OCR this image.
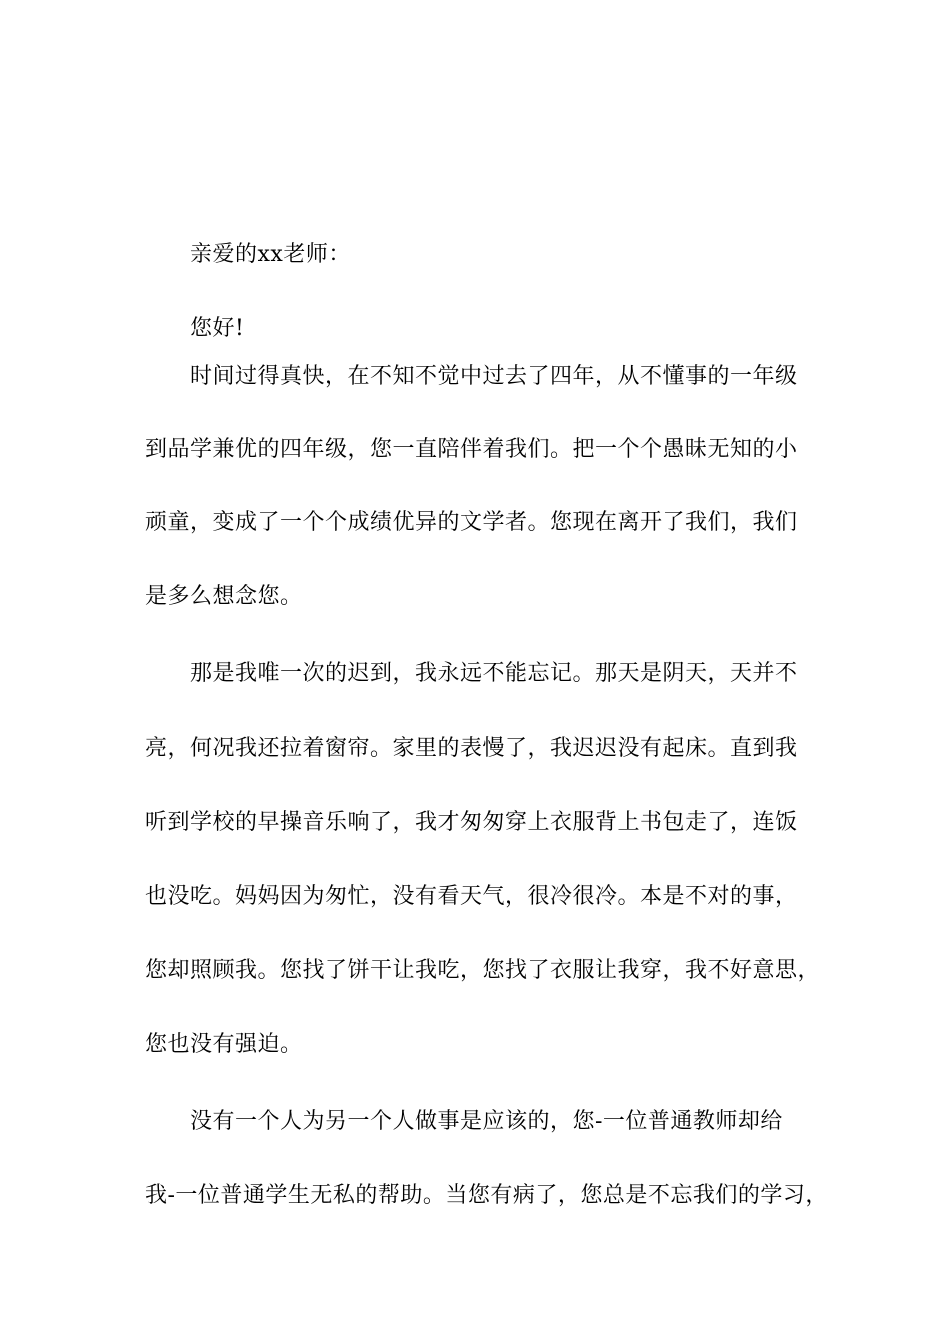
亲爱的xx老师：
您好!
时间过得真快，在不知不觉中过去了四年，从不懂事的一年级
到品学兼优的四年级，您一直陪伴着我们。把一个个愚昧无知的小
顽童，变成了一个个成绩优异的文学者。您现在离开了我们，我们
是多么想念您。
那是我唯一次的迟到，我永远不能忘记。那天是阴天，天并不
亮，何况我还拉着窗帘。家里的表慢了，我迟迟没有起床。直到我
听到学校的早操音乐响了，我才匆匆穿上衣服背上书包走了，连饭
也没吃。妈妈因为匆忙，没有看天气，很冷很冷。本是不对的事，
您却照顾我。您找了饼干让我吃，您找了衣服让我穿，我不好意思，
您也没有强迫。
没有一个人为另一个人做事是应该的，您-一位普通教师却给
我-一位普通学生无私的帮助。当您有病了，您总是不忘我们的学习，
